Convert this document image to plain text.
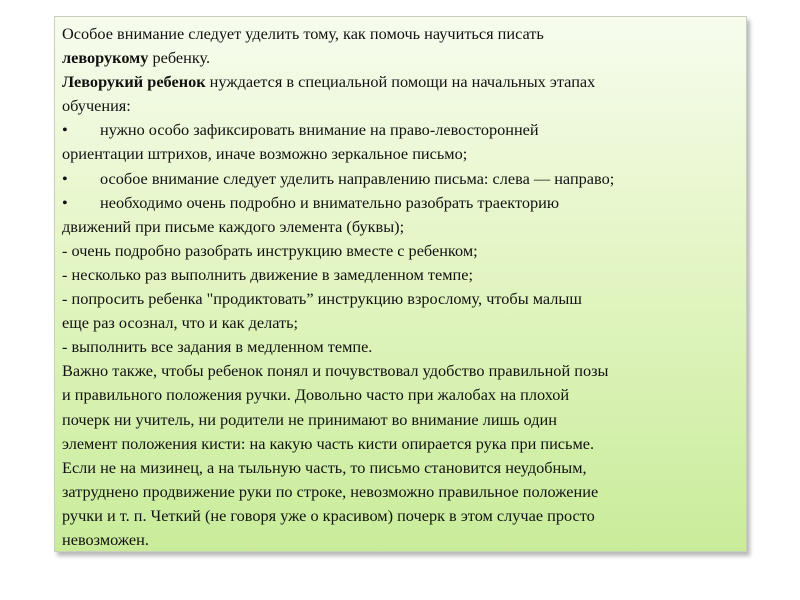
Особое внимание следует уделить тому, как помочь научиться писать
леворукому ребенку.
Леворукий ребенок нуждается в специальной помощи на начальных этапах
обучения:
• нужно особо зафиксировать внимание на право-левосторонней
ориентации штрихов, иначе возможно зеркальное письмо;
• особое внимание следует уделить направлению письма: слева — направо;
• необходимо очень подробно и внимательно разобрать траекторию
движений при письме каждого элемента (буквы);
- очень подробно разобрать инструкцию вместе с ребенком;
- несколько раз выполнить движение в замедленном темпе;
- попросить ребенка "продиктовать” инструкцию взрослому, чтобы малыш
еще раз осознал, что и как делать;
- выполнить все задания в медленном темпе.
Важно также, чтобы ребенок понял и почувствовал удобство правильной позы
и правильного положения ручки. Довольно часто при жалобах на плохой
почерк ни учитель, ни родители не принимают во внимание лишь один
элемент положения кисти: на какую часть кисти опирается рука при письме.
Если не на мизинец, а на тыльную часть, то письмо становится неудобным,
затруднено продвижение руки по строке, невозможно правильное положение
ручки и т. п. Четкий (не говоря уже о красивом) почерк в этом случае просто
невозможен.
